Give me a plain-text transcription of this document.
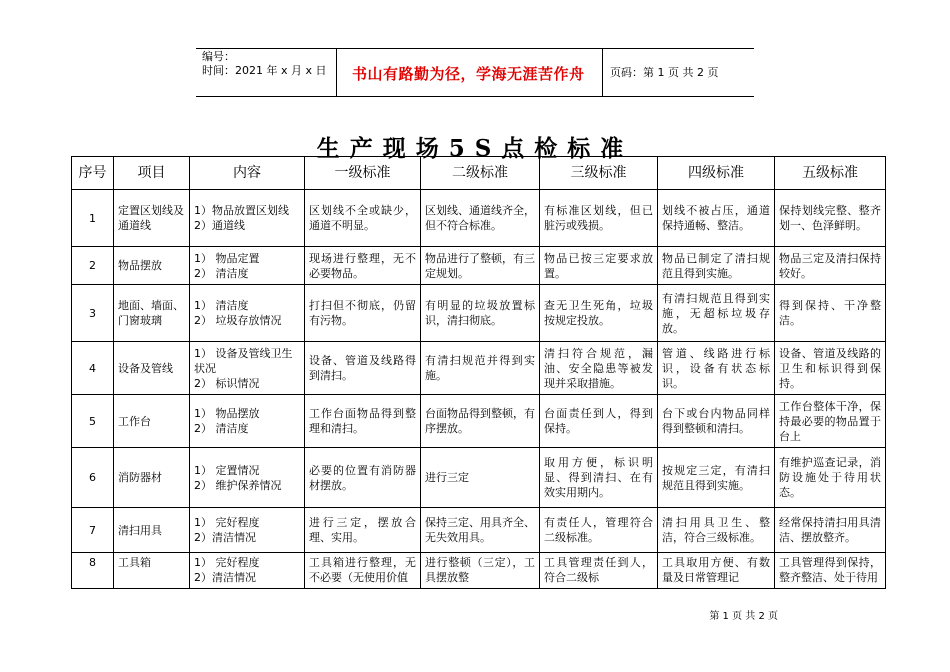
编号：
时间：2021 年 x 月 x 日 书山有路勤为径，学海无涯苦作舟 页码：第 1 页 共 2 页
生产现场5S点检标准
序号	项目	内容	一级标准	二级标准	三级标准	四级标准	五级标准
1	定置区划线及通道线	1）物品放置区划线
2）通道线	区划线不全或缺少，通道不明显。	区划线、通道线齐全，但不符合标准。	有标准区划线，但已脏污或残损。	划线不被占压，通道保持通畅、整洁。	保持划线完整、整齐划一、色泽鲜明。
2	物品摆放	1） 物品定置
2） 清洁度	现场进行整理，无不必要物品。	物品进行了整顿，有三定规划。	物品已按三定要求放置。	物品已制定了清扫规范且得到实施。	物品三定及清扫保持较好。
3	地面、墙面、门窗玻璃	1） 清洁度
2） 垃圾存放情况	打扫但不彻底，仍留有污物。	有明显的垃圾放置标识，清扫彻底。	查无卫生死角，垃圾按规定投放。	有清扫规范且得到实施，无超标垃圾存放。	得到保持、干净整洁。
4	设备及管线	1） 设备及管线卫生状况
2） 标识情况	设备、管道及线路得到清扫。	有清扫规范并得到实施。	清扫符合规范，漏油、安全隐患等被发现并采取措施。	管道、线路进行标识，设备有状态标识。	设备、管道及线路的卫生和标识得到保持。
5	工作台	1） 物品摆放
2） 清洁度	工作台面物品得到整理和清扫。	台面物品得到整顿，有序摆放。	台面责任到人，得到保持。	台下或台内物品同样得到整顿和清扫。	工作台整体干净，保持最必要的物品置于台上
6	消防器材	1） 定置情况
2） 维护保养情况	必要的位置有消防器材摆放。	进行三定	取用方便，标识明显、得到清扫、在有效实用期内。	按规定三定，有清扫规范且得到实施。	有维护巡查记录，消防设施处于待用状态。
7	清扫用具	1） 完好程度
2）清洁情况	进行三定，摆放合理、实用。	保持三定、用具齐全、无失效用具。	有责任人，管理符合二级标准。	清扫用具卫生、整洁，符合三级标准。	经常保持清扫用具清洁、摆放整齐。
8	工具箱	1） 完好程度
2）清洁情况	工具箱进行整理，无不必要（无使用价值	进行整顿（三定），工具摆放整	工具管理责任到人，符合二级标	工具取用方便、有数量及日常管理记	工具管理得到保持，整齐整洁、处于待用
第 1 页 共 2 页
